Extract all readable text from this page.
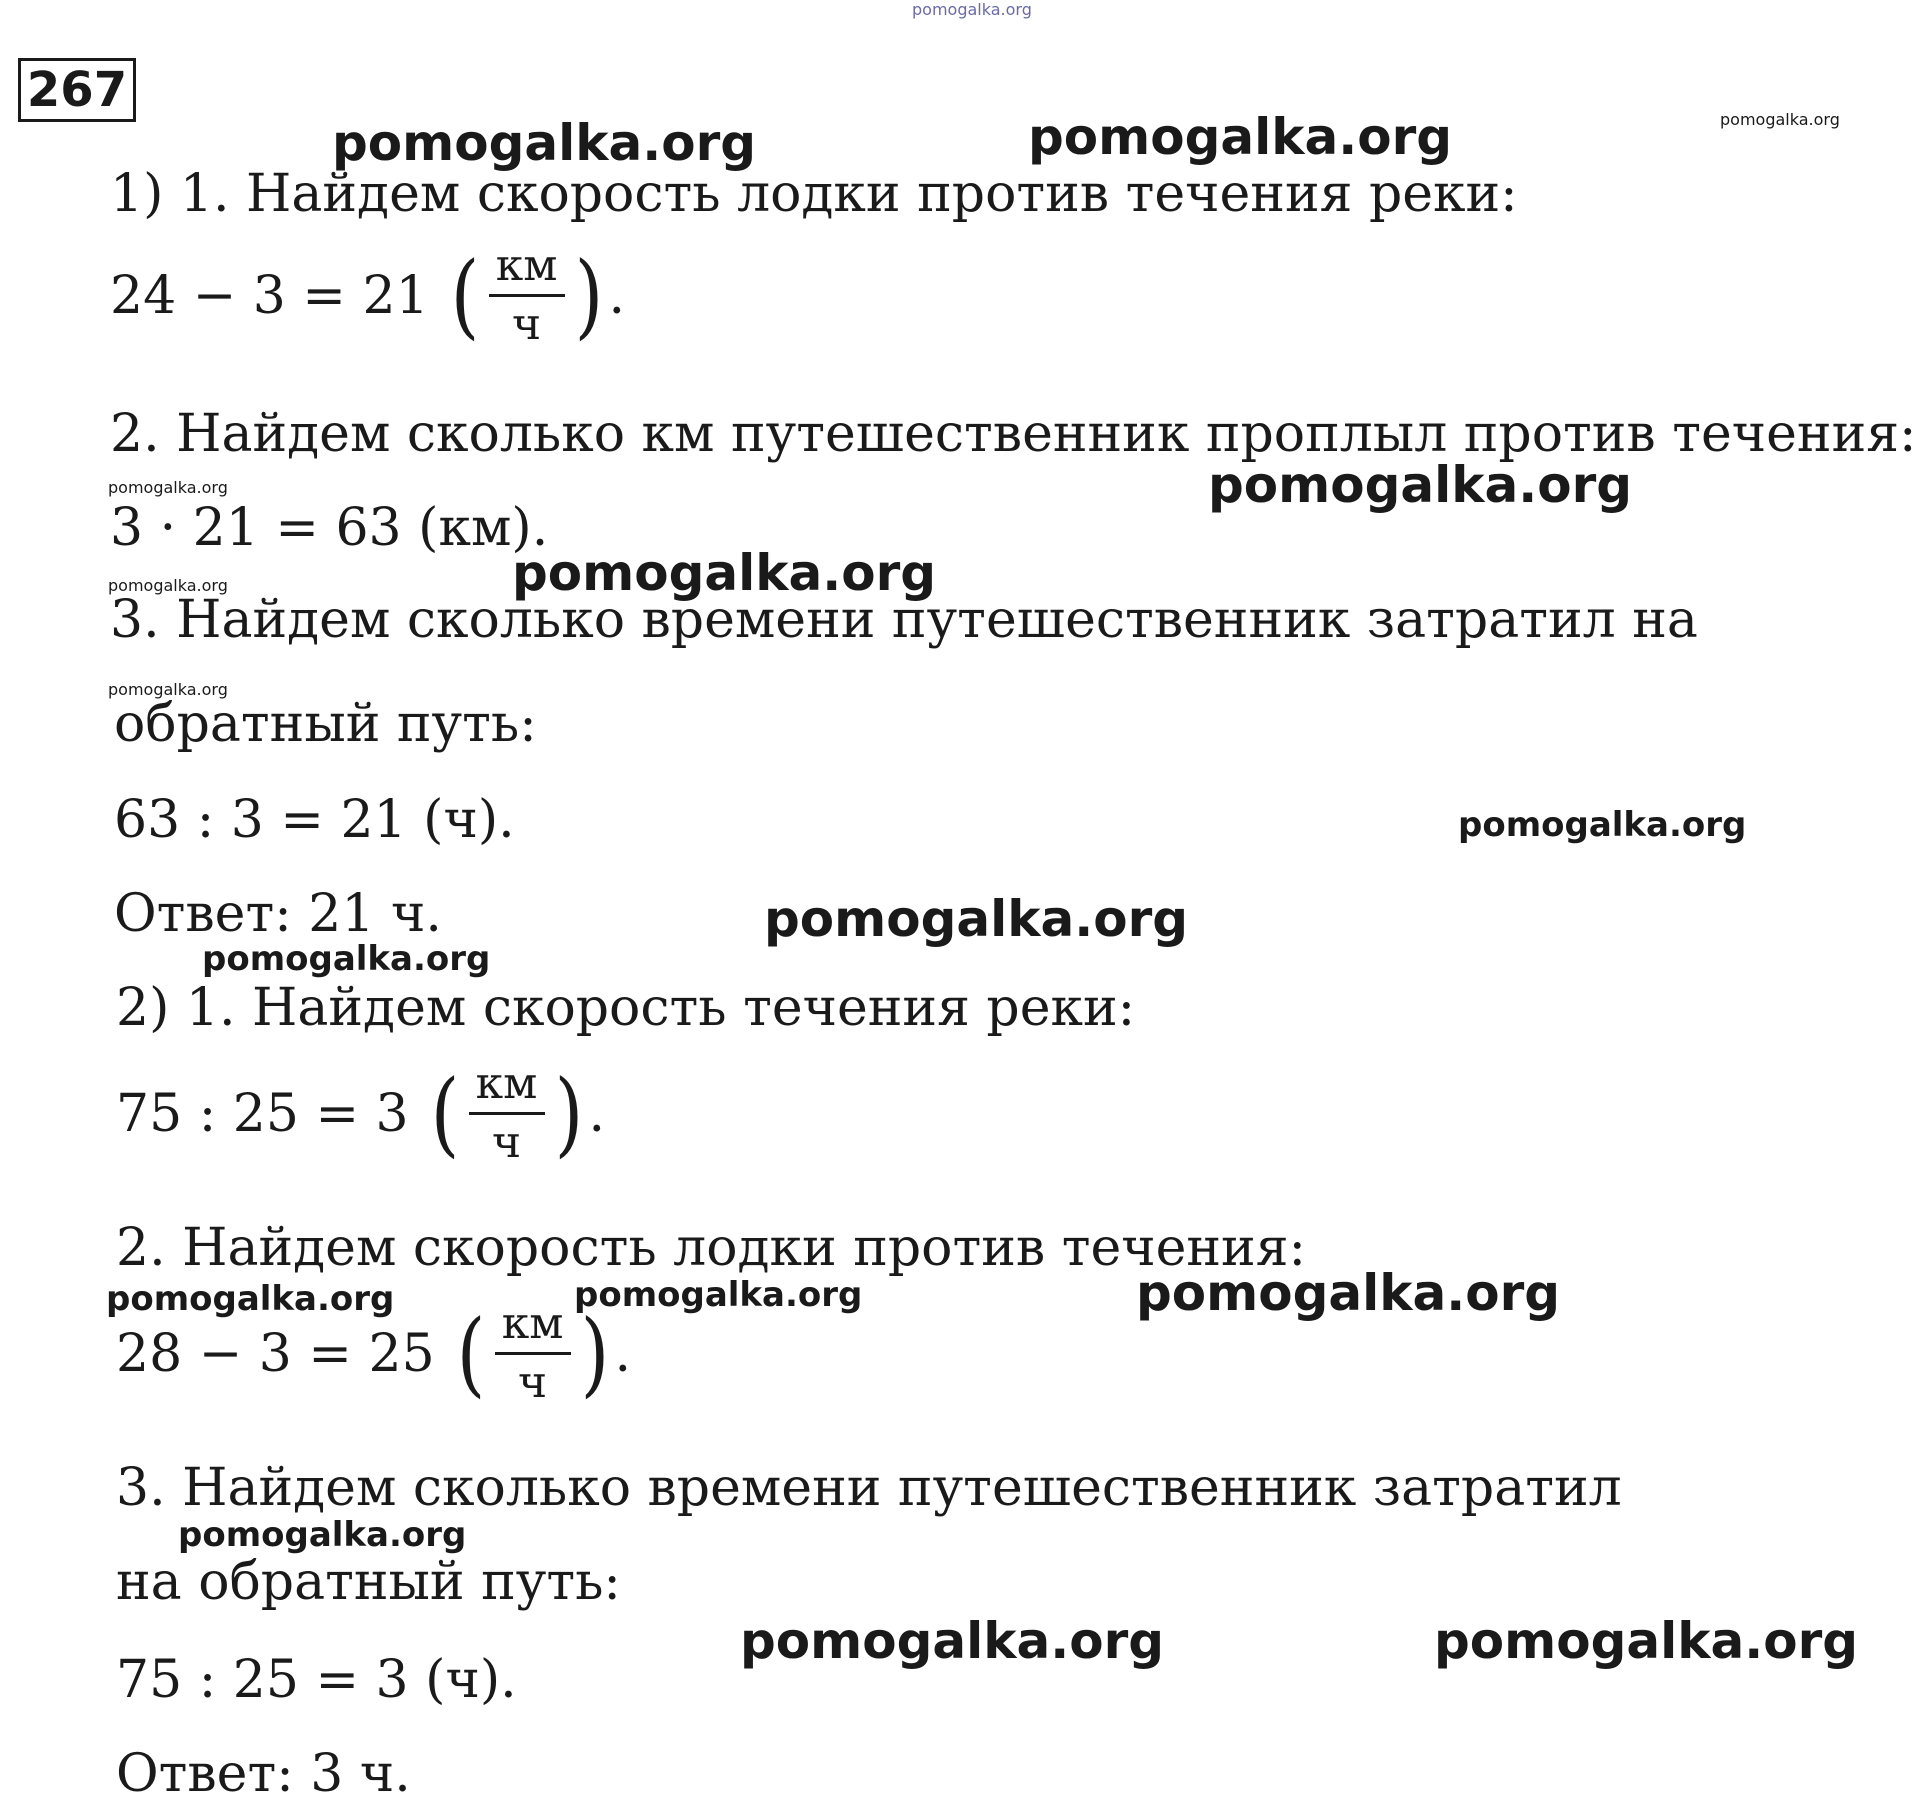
pomogalka.org
267
pomogalka.org	pomogalka.org	pomogalka.org
pomogalka.org
pomogalka.org
pomogalka.org
pomogalka.org
pomogalka.org
pomogalka.org
pomogalka.org
pomogalka.org
pomogalka.org	pomogalka.org	pomogalka.org
pomogalka.org
pomogalka.org	pomogalka.org
1) 1. Найдем скорость лодки против течения реки:
24 − 3 = 21 ( $\frac{км}{ч}$ ) .
2. Найдем сколько км путешественник проплыл против течения:
3 · 21 = 63 (км).
3. Найдем сколько времени путешественник затратил на
обратный путь:
63 : 3 = 21 (ч).
Ответ: 21 ч.
2) 1. Найдем скорость течения реки:
75 : 25 = 3 ( $\frac{км}{ч}$ ) .
2. Найдем скорость лодки против течения:
28 − 3 = 25 ( $\frac{км}{ч}$ ) .
3. Найдем сколько времени путешественник затратил
на обратный путь:
75 : 25 = 3 (ч).
Ответ: 3 ч.
